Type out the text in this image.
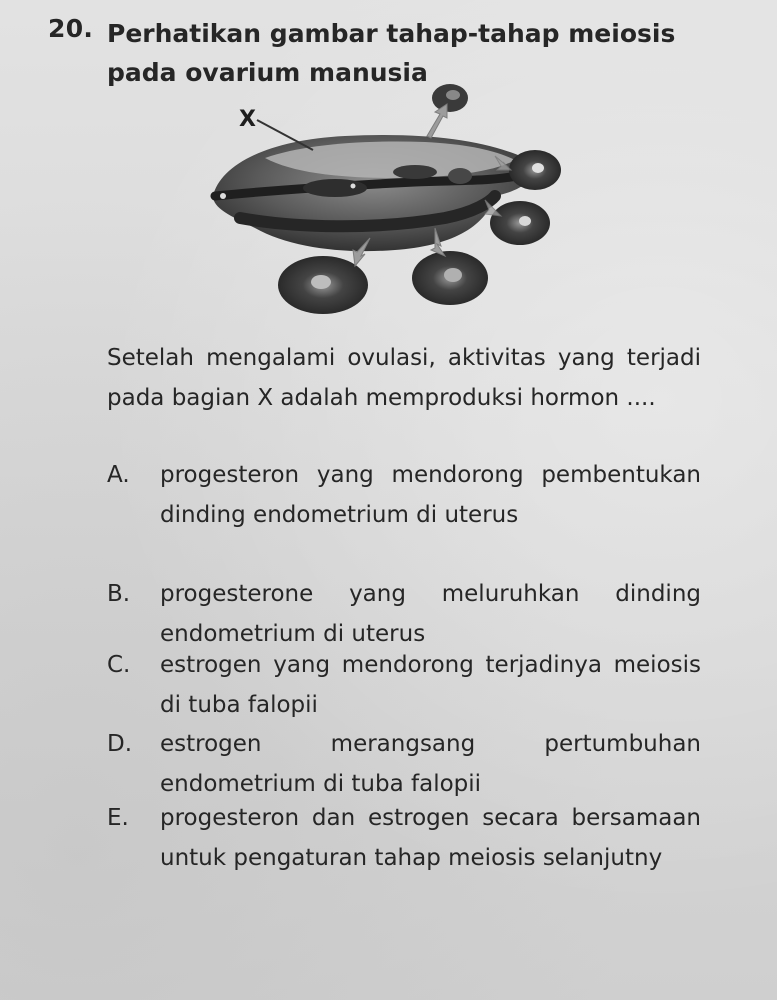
20. Perhatikan gambar tahap-tahap meiosis pada ovarium manusia
X
Setelah mengalami ovulasi, aktivitas yang terjadi pada bagian X adalah memproduksi hormon ....
A.	progesteron yang mendorong pembentukan dinding endometrium di uterus
B.	progesterone yang meluruhkan dinding endometrium di uterus
C.	estrogen yang mendorong terjadinya meiosis di tuba falopii
D.	estrogen merangsang pertumbuhan endometrium di tuba falopii
E.	progesteron dan estrogen secara bersamaan untuk pengaturan tahap meiosis selanjutny
